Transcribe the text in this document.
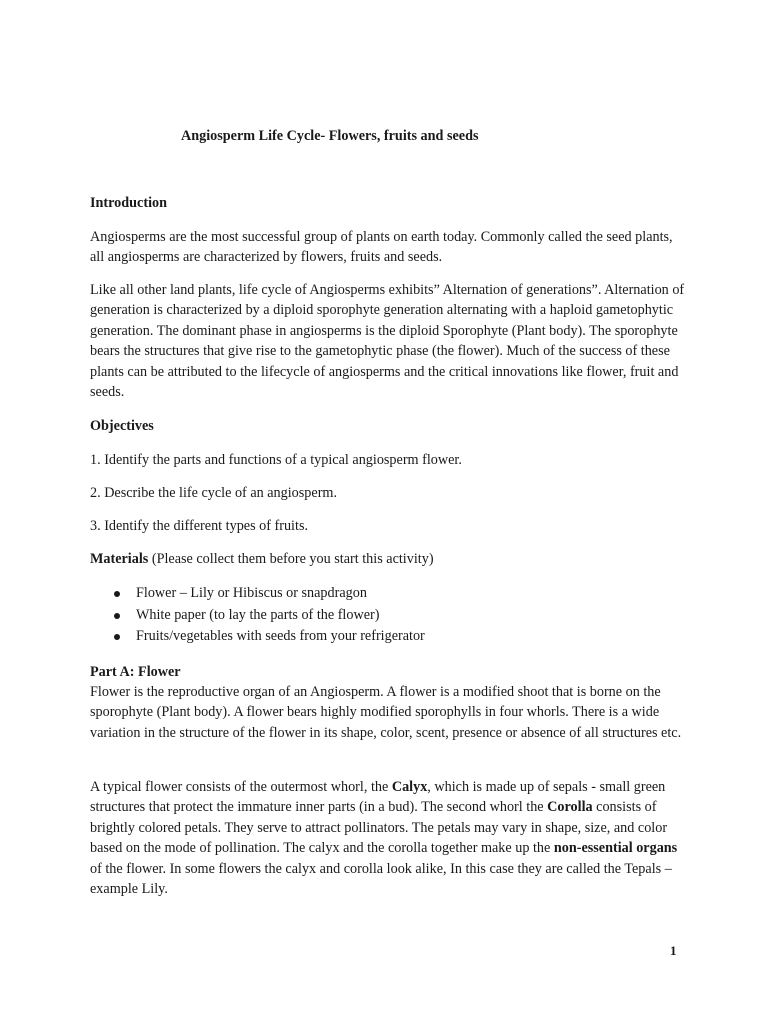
Angiosperm Life Cycle- Flowers, fruits and seeds
Introduction

Angiosperms are the most successful group of plants on earth today. Commonly called the seed plants, all angiosperms are characterized by flowers, fruits and seeds.

Like all other land plants, life cycle of Angiosperms exhibits” Alternation of generations”. Alternation of generation is characterized by a diploid sporophyte generation alternating with a haploid gametophytic generation. The dominant phase in angiosperms is the diploid Sporophyte (Plant body). The sporophyte bears the structures that give rise to the gametophytic phase (the flower). Much of the success of these plants can be attributed to the lifecycle of angiosperms and the critical innovations like flower, fruit and seeds.

Objectives
1. Identify the parts and functions of a typical angiosperm flower.
2. Describe the life cycle of an angiosperm.
3. Identify the different types of fruits.
Materials (Please collect them before you start this activity)
Flower – Lily or Hibiscus or snapdragon
White paper (to lay the parts of the flower)
Fruits/vegetables with seeds from your refrigerator
Part A: Flower

Flower is the reproductive organ of an Angiosperm. A flower is a modified shoot that is borne on the sporophyte (Plant body). A flower bears highly modified sporophylls in four whorls. There is a wide variation in the structure of the flower in its shape, color, scent, presence or absence of all structures etc.

A typical flower consists of the outermost whorl, the Calyx, which is made up of sepals - small green structures that protect the immature inner parts (in a bud). The second whorl the Corolla consists of brightly colored petals. They serve to attract pollinators. The petals may vary in shape, size, and color based on the mode of pollination. The calyx and the corolla together make up the non-essential organs of the flower. In some flowers the calyx and corolla look alike, In this case they are called the Tepals – example Lily.

1
